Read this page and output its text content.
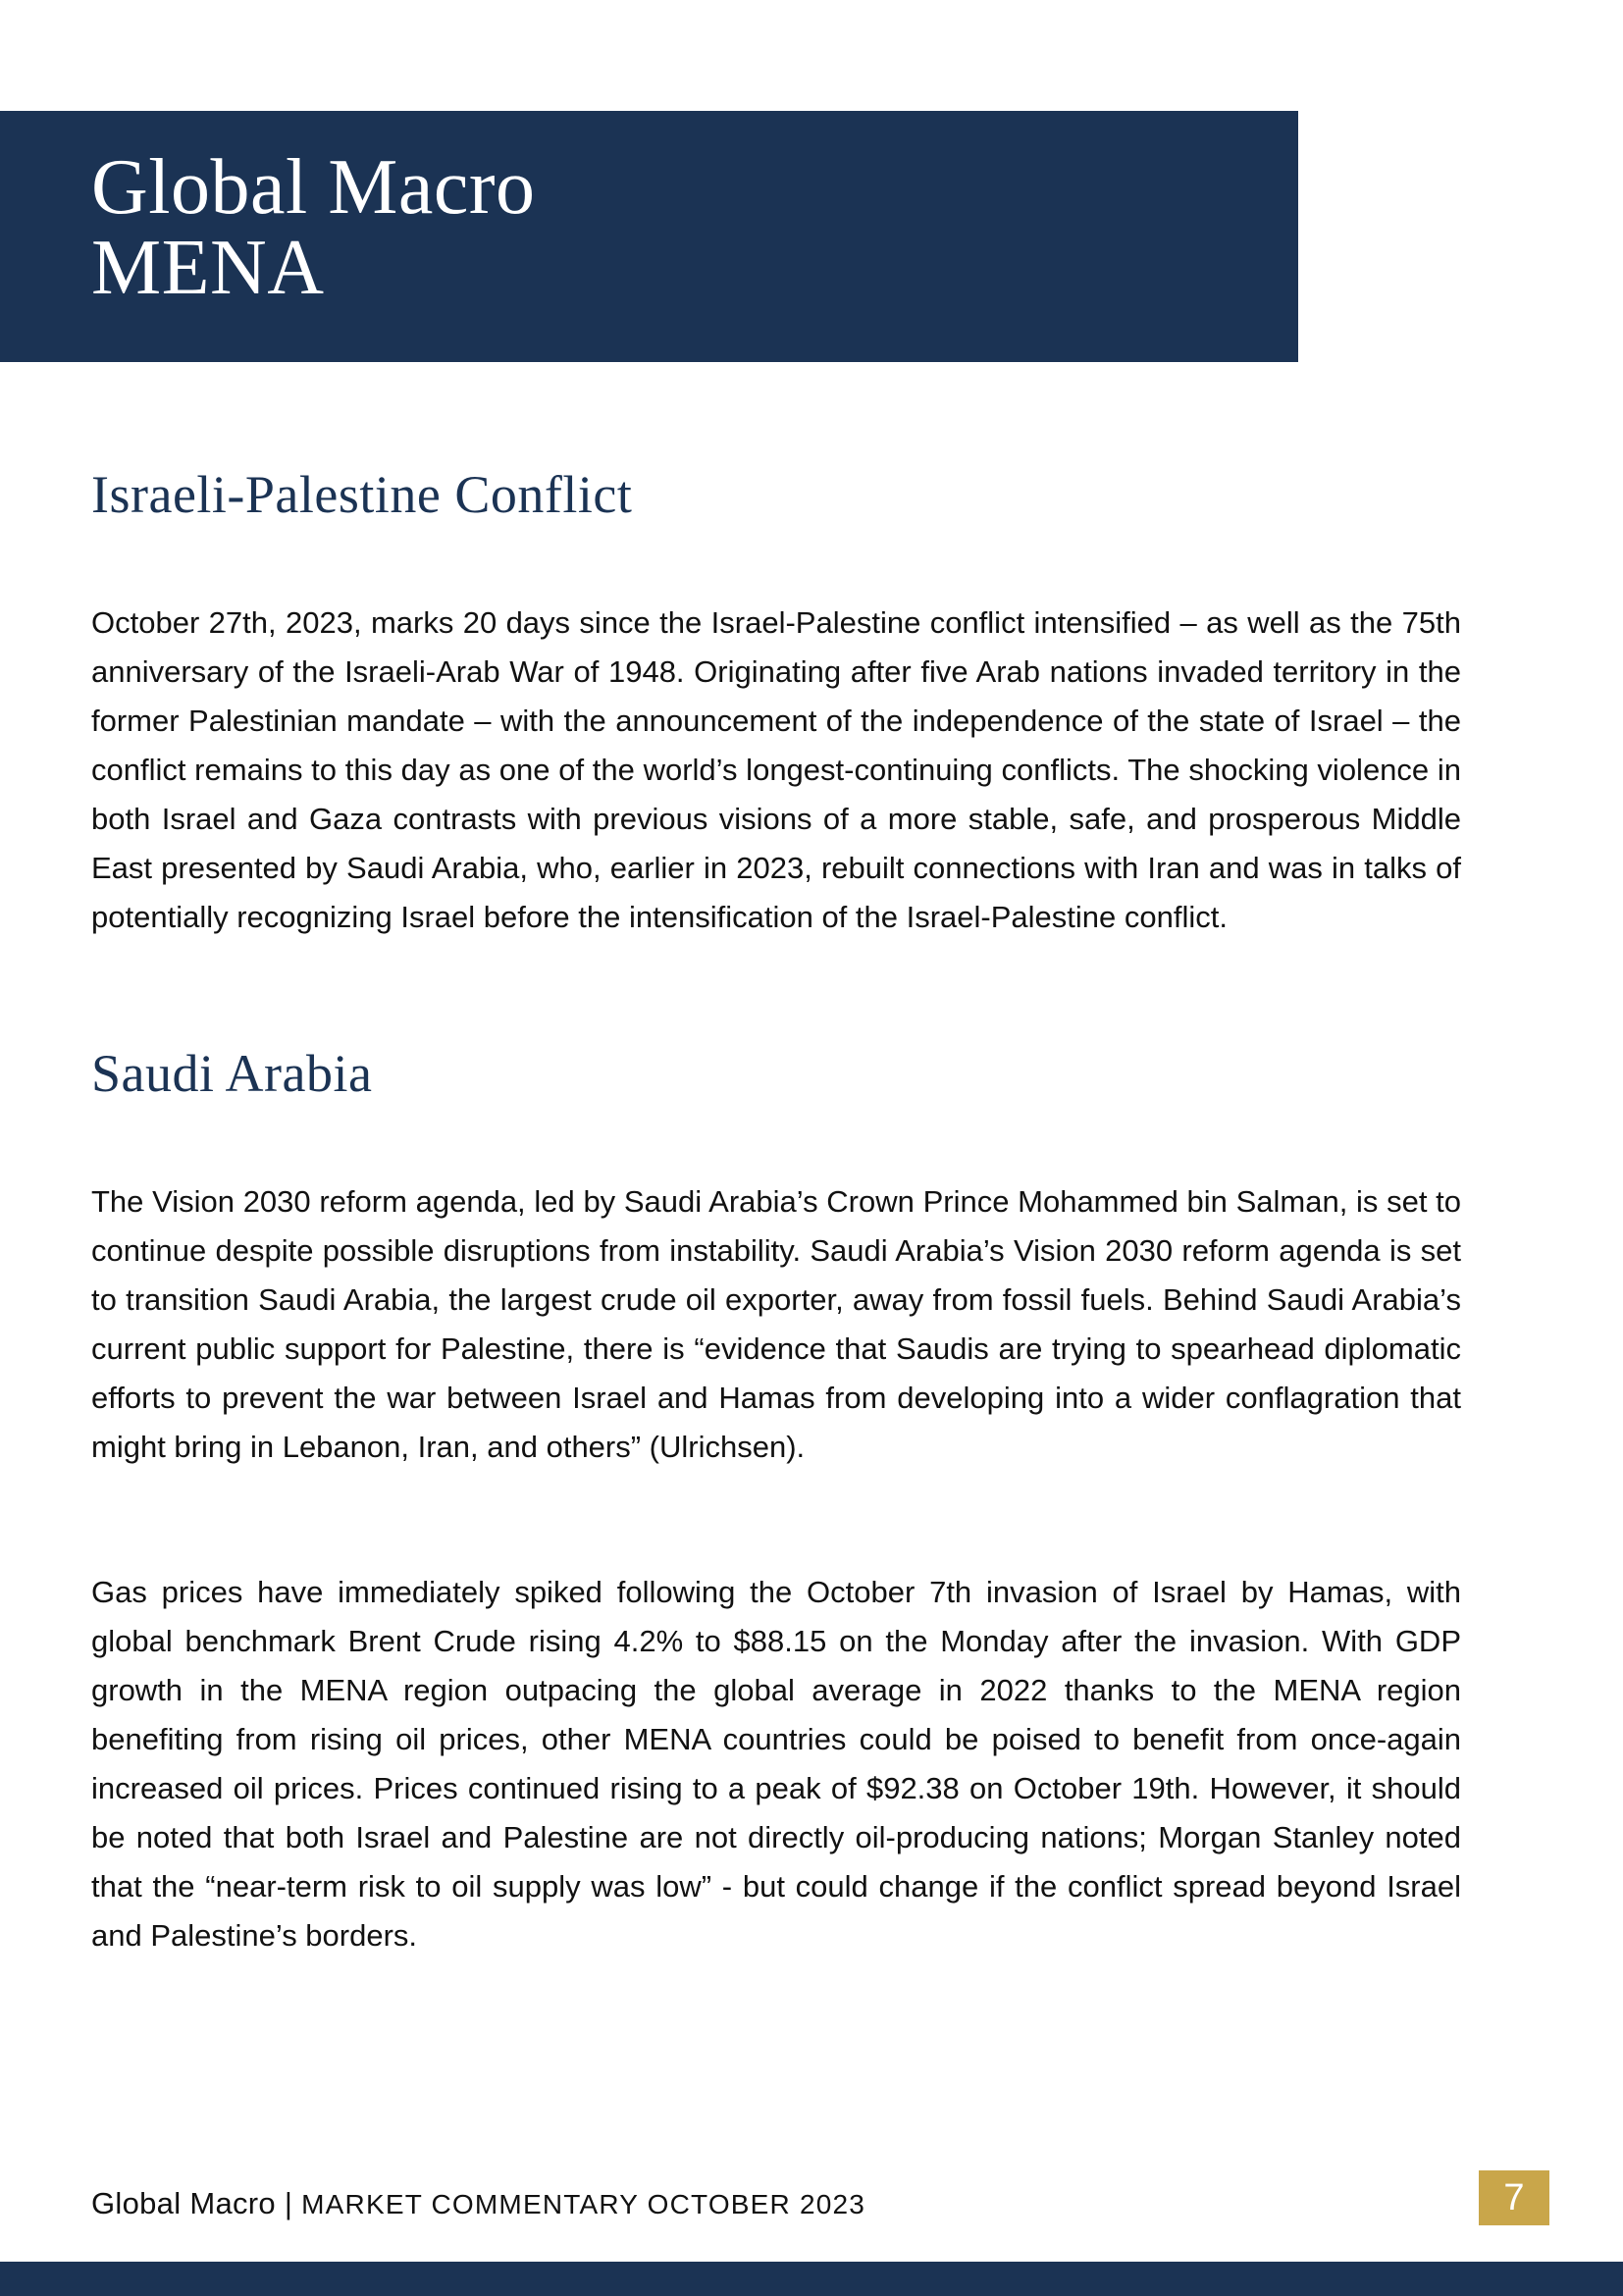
Global Macro
MENA
Israeli-Palestine Conflict

October 27th, 2023, marks 20 days since the Israel-Palestine conflict intensified – as well as the 75th anniversary of the Israeli-Arab War of 1948. Originating after five Arab nations invaded territory in the former Palestinian mandate – with the announcement of the independence of the state of Israel – the conflict remains to this day as one of the world’s longest-continuing conflicts. The shocking violence in both Israel and Gaza contrasts with previous visions of a more stable, safe, and prosperous Middle East presented by Saudi Arabia, who, earlier in 2023, rebuilt connections with Iran and was in talks of potentially recognizing Israel before the intensification of the Israel-Palestine conflict.

Saudi Arabia

The Vision 2030 reform agenda, led by Saudi Arabia’s Crown Prince Mohammed bin Salman, is set to continue despite possible disruptions from instability. Saudi Arabia’s Vision 2030 reform agenda is set to transition Saudi Arabia, the largest crude oil exporter, away from fossil fuels. Behind Saudi Arabia’s current public support for Palestine, there is “evidence that Saudis are trying to spearhead diplomatic efforts to prevent the war between Israel and Hamas from developing into a wider conflagration that might bring in Lebanon, Iran, and others” (Ulrichsen).

Gas prices have immediately spiked following the October 7th invasion of Israel by Hamas, with global benchmark Brent Crude rising 4.2% to $88.15 on the Monday after the invasion. With GDP growth in the MENA region outpacing the global average in 2022 thanks to the MENA region benefiting from rising oil prices, other MENA countries could be poised to benefit from once-again increased oil prices. Prices continued rising to a peak of $92.38 on October 19th. However, it should be noted that both Israel and Palestine are not directly oil-producing nations; Morgan Stanley noted that the “near-term risk to oil supply was low” - but could change if the conflict spread beyond Israel and Palestine’s borders.

Global Macro | MARKET COMMENTARY OCTOBER 2023	7
